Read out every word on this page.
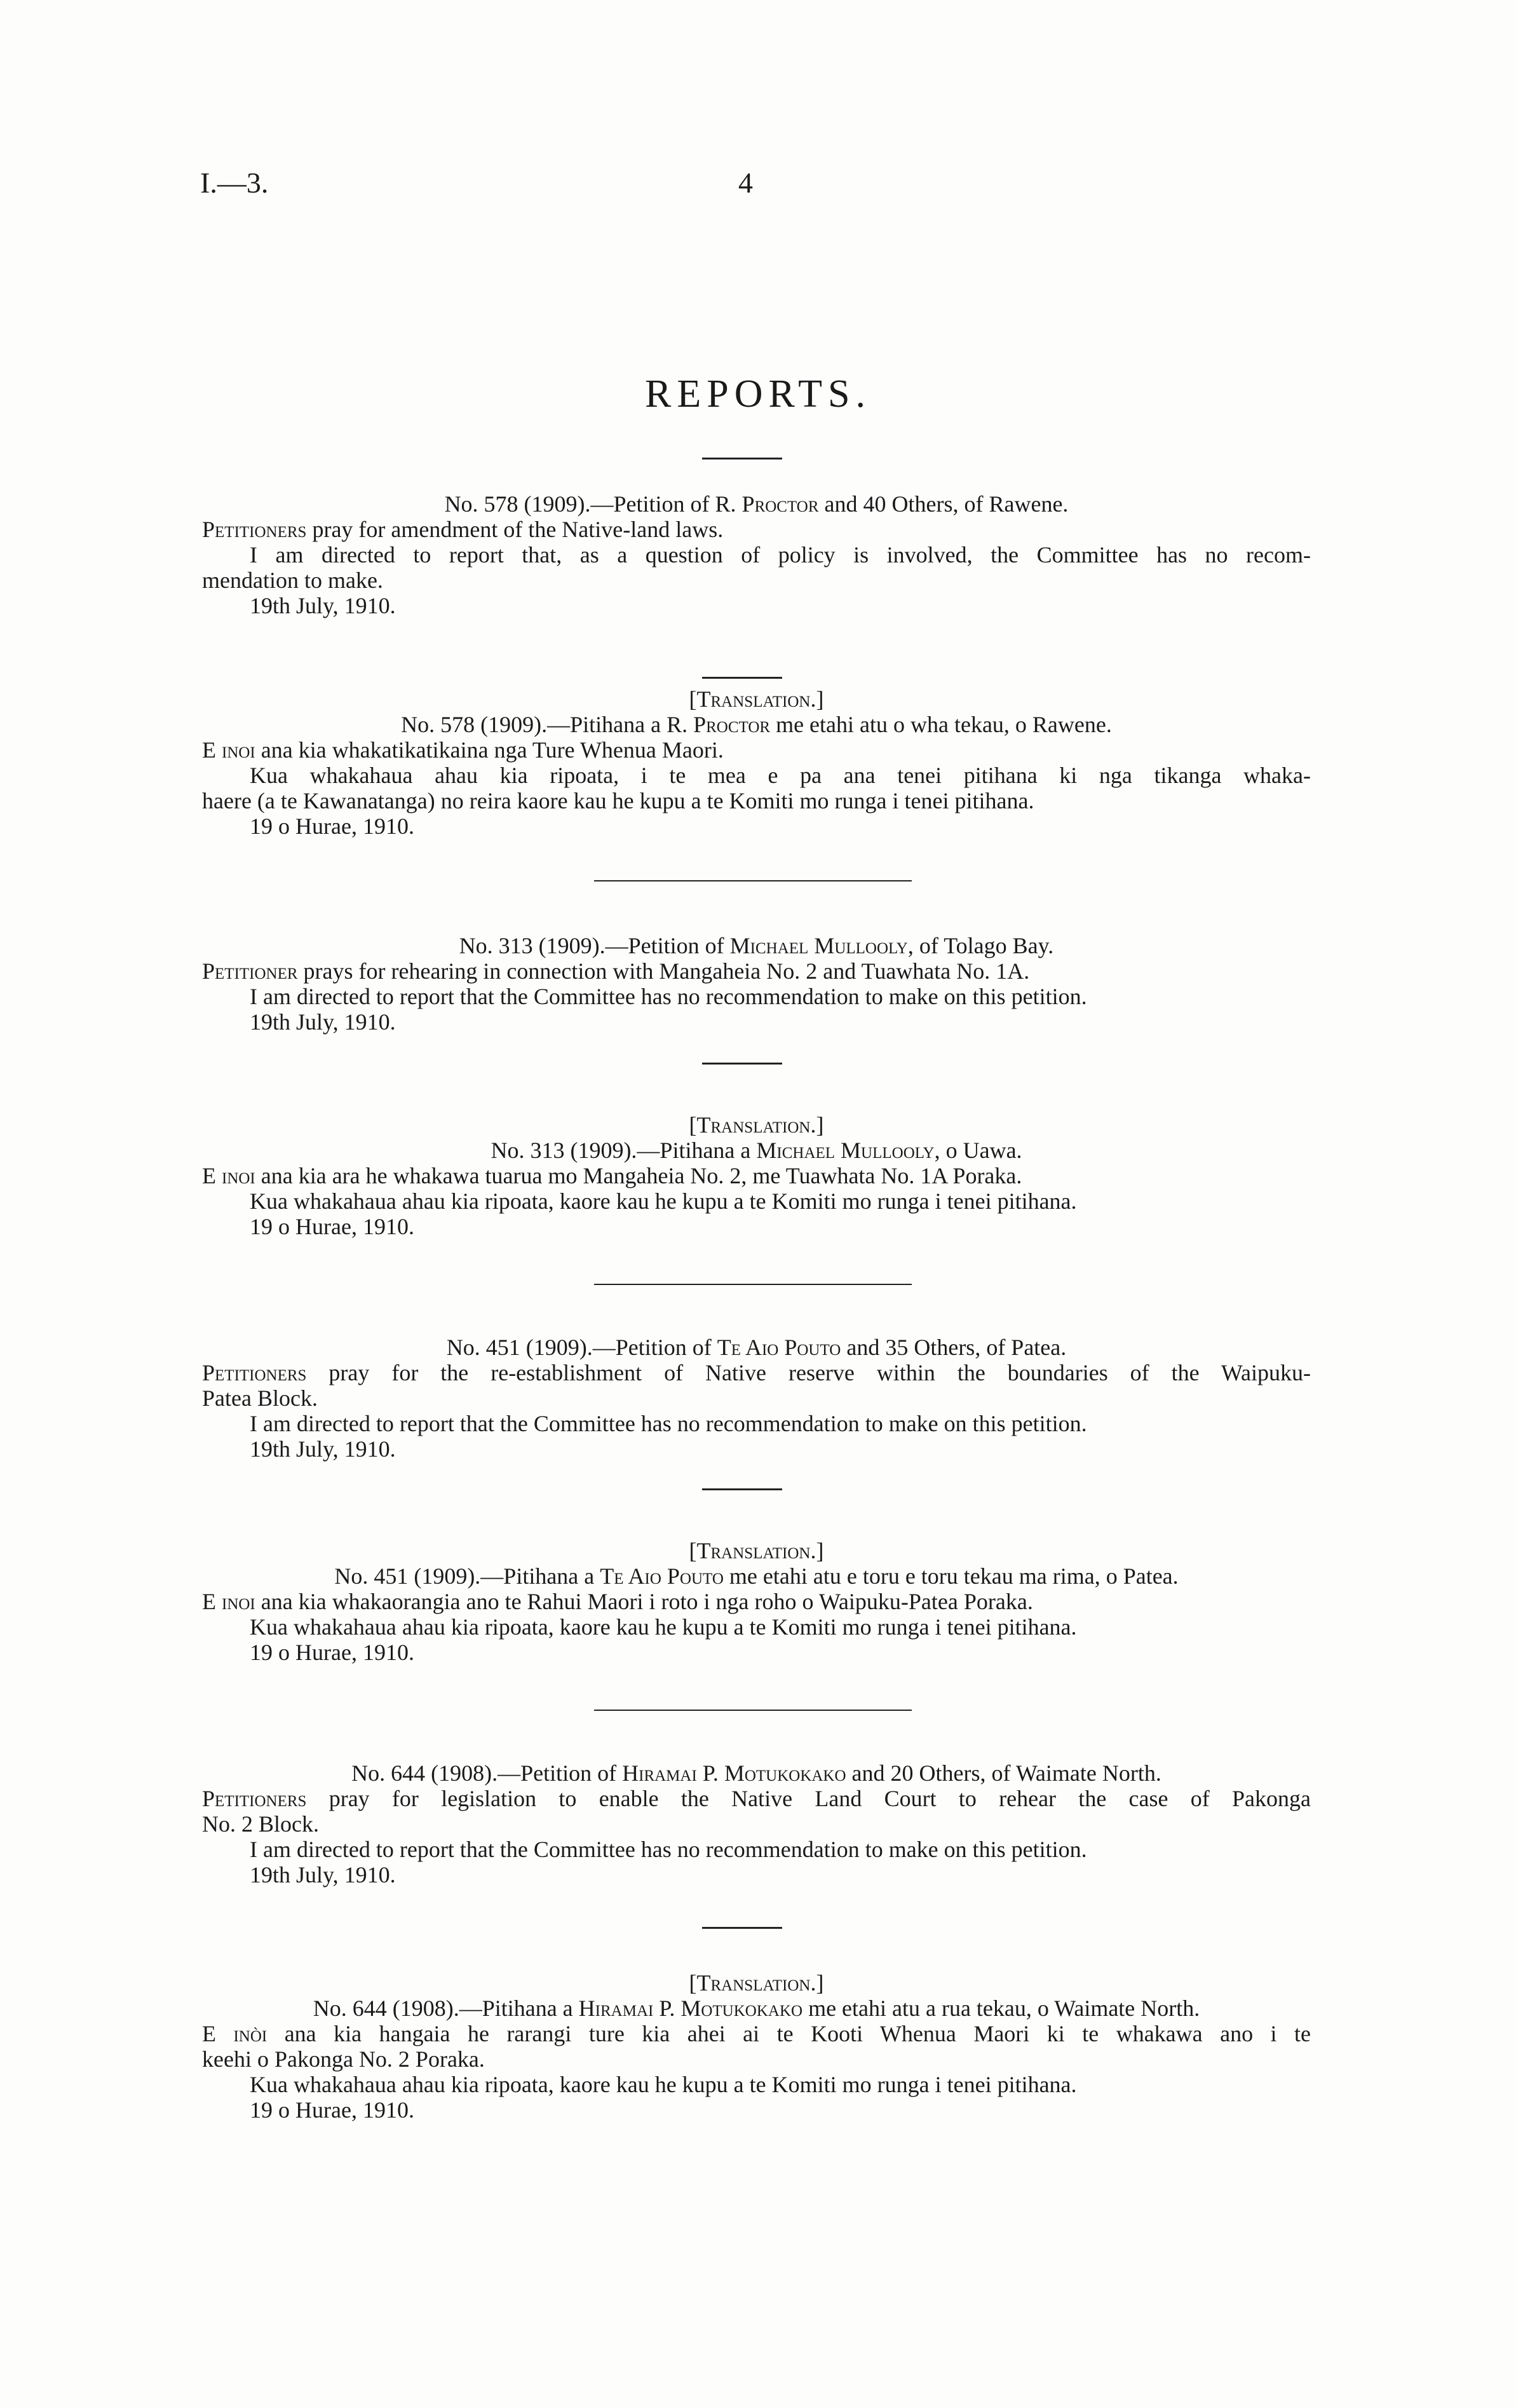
I.—3.	4
REPORTS.

No. 578 (1909).—Petition of R. Proctor and 40 Others, of Rawene.

Petitioners pray for amendment of the Native-land laws.

I am directed to report that, as a question of policy is involved, the Committee has no recom-

mendation to make.

19th July, 1910.

[Translation.]

No. 578 (1909).—Pitihana a R. Proctor me etahi atu o wha tekau, o Rawene.

E inoi ana kia whakatikatikaina nga Ture Whenua Maori.

Kua whakahaua ahau kia ripoata, i te mea e pa ana tenei pitihana ki nga tikanga whaka-

haere (a te Kawanatanga) no reira kaore kau he kupu a te Komiti mo runga i tenei pitihana.

19 o Hurae, 1910.

No. 313 (1909).—Petition of Michael Mullooly, of Tolago Bay.

Petitioner prays for rehearing in connection with Mangaheia No. 2 and Tuawhata No. 1A.

I am directed to report that the Committee has no recommendation to make on this petition.

19th July, 1910.

[Translation.]

No. 313 (1909).—Pitihana a Michael Mullooly, o Uawa.

E inoi ana kia ara he whakawa tuarua mo Mangaheia No. 2, me Tuawhata No. 1A Poraka.

Kua whakahaua ahau kia ripoata, kaore kau he kupu a te Komiti mo runga i tenei pitihana.

19 o Hurae, 1910.

No. 451 (1909).—Petition of Te Aio Pouto and 35 Others, of Patea.

Petitioners pray for the re-establishment of Native reserve within the boundaries of the Waipuku-

Patea Block.

I am directed to report that the Committee has no recommendation to make on this petition.

19th July, 1910.

[Translation.]

No. 451 (1909).—Pitihana a Te Aio Pouto me etahi atu e toru e toru tekau ma rima, o Patea.

E inoi ana kia whakaorangia ano te Rahui Maori i roto i nga roho o Waipuku-Patea Poraka.

Kua whakahaua ahau kia ripoata, kaore kau he kupu a te Komiti mo runga i tenei pitihana.

19 o Hurae, 1910.

No. 644 (1908).—Petition of Hiramai P. Motukokako and 20 Others, of Waimate North.

Petitioners pray for legislation to enable the Native Land Court to rehear the case of Pakonga

No. 2 Block.

I am directed to report that the Committee has no recommendation to make on this petition.

19th July, 1910.

[Translation.]

No. 644 (1908).—Pitihana a Hiramai P. Motukokako me etahi atu a rua tekau, o Waimate North.

E inòi ana kia hangaia he rarangi ture kia ahei ai te Kooti Whenua Maori ki te whakawa ano i te

keehi o Pakonga No. 2 Poraka.

Kua whakahaua ahau kia ripoata, kaore kau he kupu a te Komiti mo runga i tenei pitihana.

19 o Hurae, 1910.
